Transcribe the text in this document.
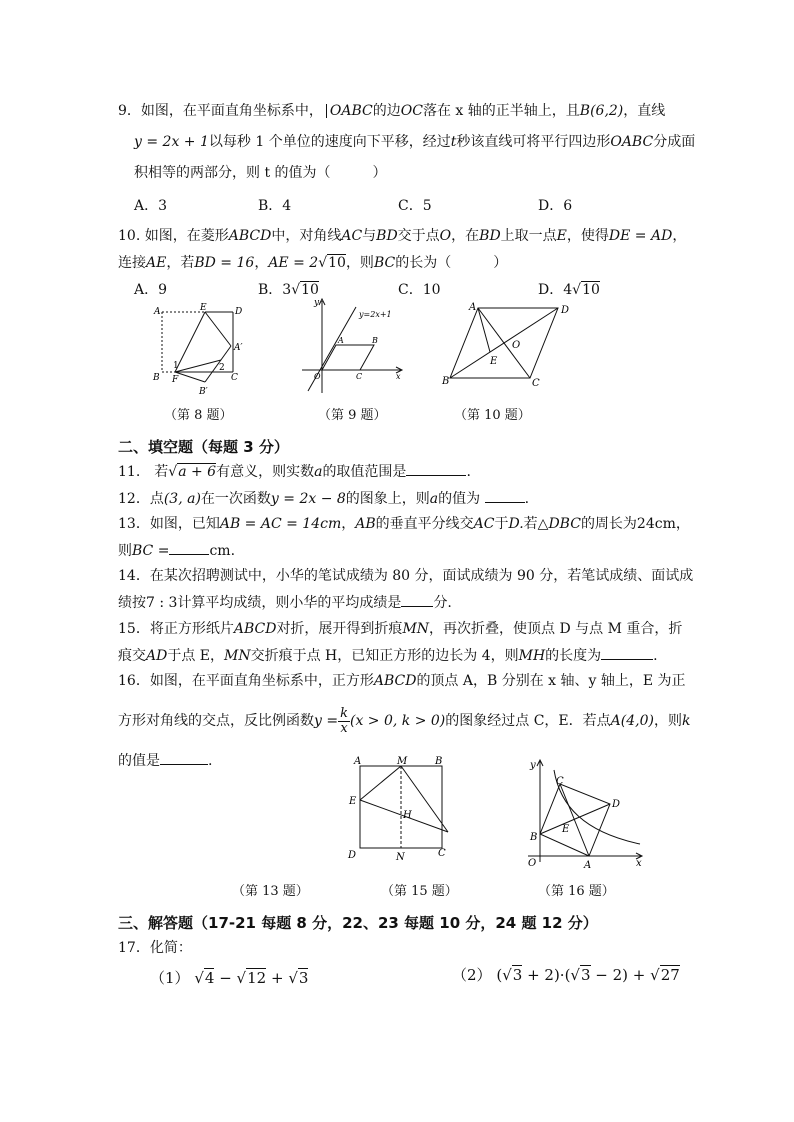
9．如图，在平面直角坐标系中， OABC的边OC落在 x 轴的正半轴上，且B(6,2)，直线
y = 2x + 1以每秒 1 个单位的速度向下平移，经过t秒该直线可将平行四边形OABC分成面
积相等的两部分，则 t 的值为（　　　）
A．3	B．4	C．5	D．6
10. 如图，在菱形ABCD中，对角线AC与BD交于点O，在BD上取一点E，使得DE = AD，
连接AE，若BD = 16，AE = 2√10，则BC的长为（　　　）
A．9	B．3√10	C．10	D．4√10
A	E	D
A′
B F
1	2
C
B′
（第 8 题）
y
y=2x+1
A	B
O	C	x
（第 9 题）
A	D
O
E
B	C
（第 10 题）
二、填空题（每题 3 分）
11.　若√a + 6有意义，则实数a的取值范围是	.
12．点(3, a)在一次函数y = 2x − 8的图象上，则a的值为	.
13．如图，已知AB = AC = 14cm，AB的垂直平分线交AC于D.若△DBC的周长为24cm，
则BC =	cm.
14．在某次招聘测试中，小华的笔试成绩为 80 分，面试成绩为 90 分，若笔试成绩、面试成
绩按7 : 3计算平均成绩，则小华的平均成绩是 分.
15．将正方形纸片ABCD对折，展开得到折痕MN，再次折叠，使顶点 D 与点 M 重合，折
痕交AD于点 E，MN交折痕于点 H，已知正方形的边长为 4，则MH的长度为	.
16．如图，在平面直角坐标系中，正方形ABCD的顶点 A，B 分别在 x 轴、y 轴上，E 为正
方形对角线的交点，反比例函数$y = \frac{k}{x} (x > 0$, k > 0)的图象经过点 C，E．若点A(4,0)，则k
的值是	.	A	M	B
E
H
D	N	C
（第 13 题）	（第 15 题）
y
C
D
E
B
O	A	x
（第 16 题）
三、解答题（17-21 每题 8 分，22、23 每题 10 分，24 题 12 分）
17．化简：
（1） √4 − √12 + √3	（2） (√3 + 2)·(√3 − 2) + √27
